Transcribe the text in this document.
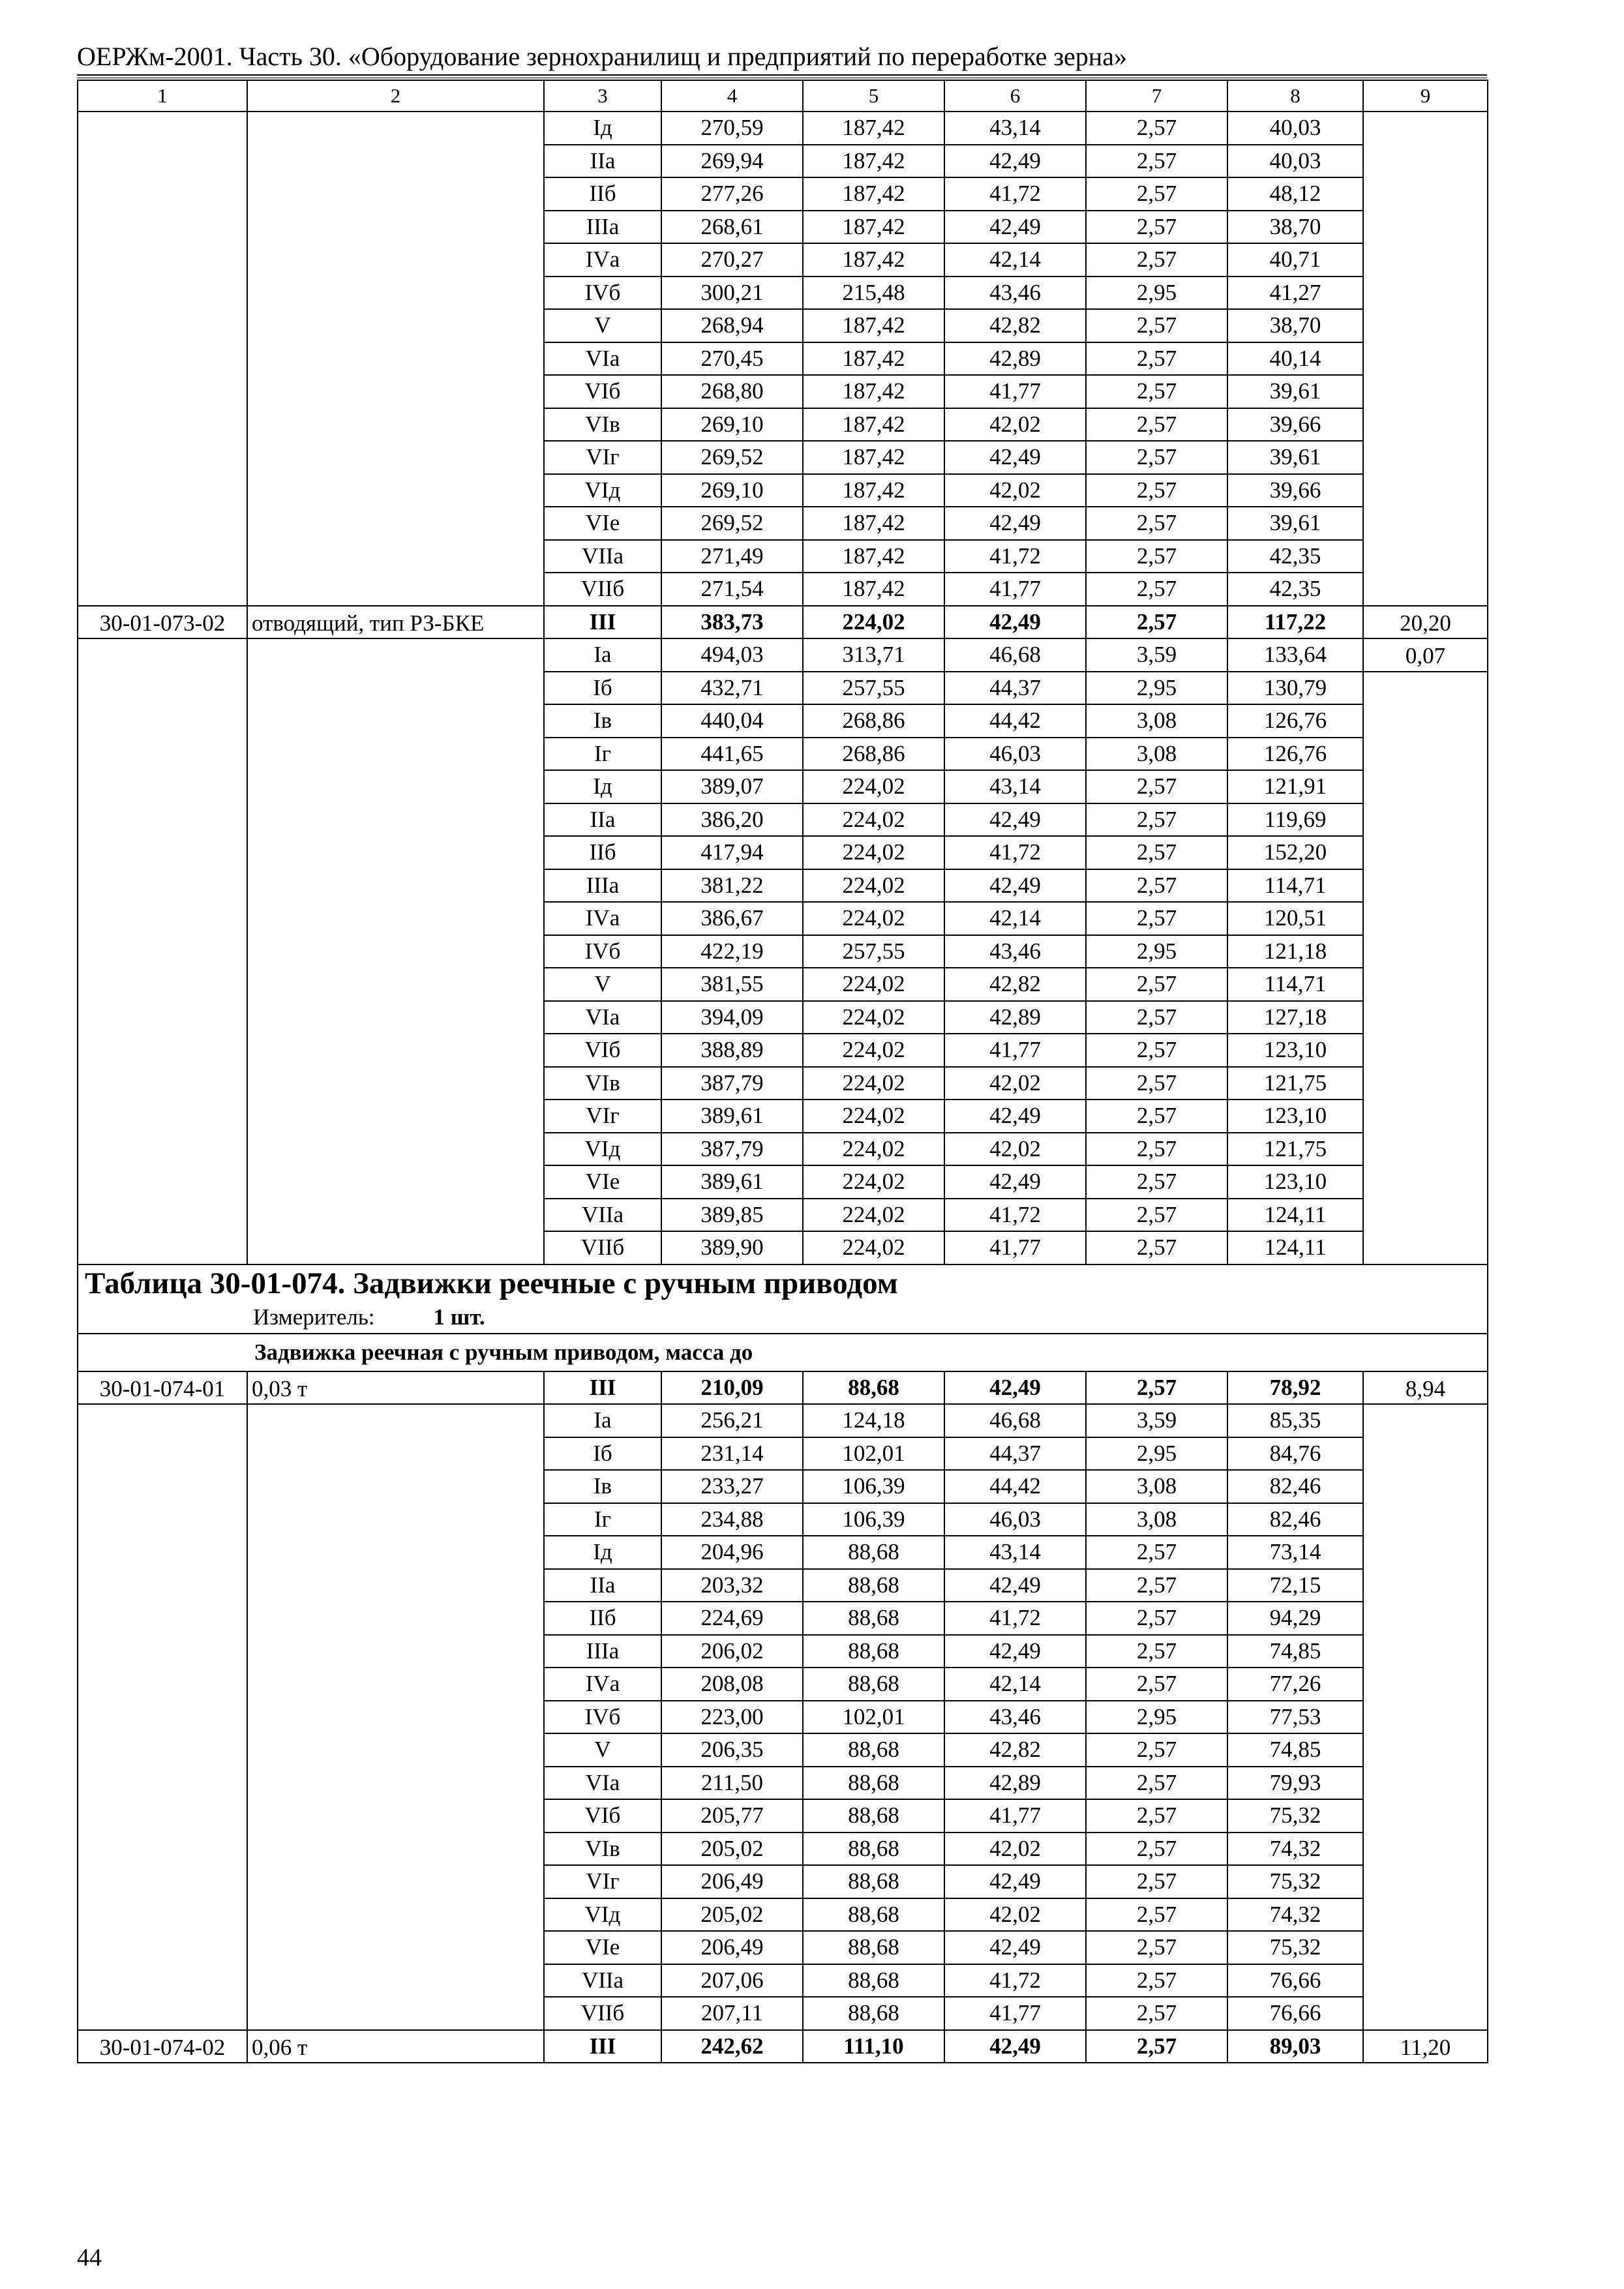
ОЕРЖм-2001. Часть 30. «Оборудование зернохранилищ и предприятий по переработке зерна»
1	2	3	4	5	6	7	8	9
		Iд	270,59	187,42	43,14	2,57	40,03	
		IIа	269,94	187,42	42,49	2,57	40,03	
		IIб	277,26	187,42	41,72	2,57	48,12	
		IIIа	268,61	187,42	42,49	2,57	38,70	
		IVа	270,27	187,42	42,14	2,57	40,71	
		IVб	300,21	215,48	43,46	2,95	41,27	
		V	268,94	187,42	42,82	2,57	38,70	
		VIа	270,45	187,42	42,89	2,57	40,14	
		VIб	268,80	187,42	41,77	2,57	39,61	
		VIв	269,10	187,42	42,02	2,57	39,66	
		VIг	269,52	187,42	42,49	2,57	39,61	
		VIд	269,10	187,42	42,02	2,57	39,66	
		VIе	269,52	187,42	42,49	2,57	39,61	
		VIIа	271,49	187,42	41,72	2,57	42,35	
		VIIб	271,54	187,42	41,77	2,57	42,35	
30-01-073-02	отводящий, тип РЗ-БКЕ	III	383,73	224,02	42,49	2,57	117,22	20,20
		Iа	494,03	313,71	46,68	3,59	133,64	0,07
		Iб	432,71	257,55	44,37	2,95	130,79	
		Iв	440,04	268,86	44,42	3,08	126,76	
		Iг	441,65	268,86	46,03	3,08	126,76	
		Iд	389,07	224,02	43,14	2,57	121,91	
		IIа	386,20	224,02	42,49	2,57	119,69	
		IIб	417,94	224,02	41,72	2,57	152,20	
		IIIа	381,22	224,02	42,49	2,57	114,71	
		IVа	386,67	224,02	42,14	2,57	120,51	
		IVб	422,19	257,55	43,46	2,95	121,18	
		V	381,55	224,02	42,82	2,57	114,71	
		VIа	394,09	224,02	42,89	2,57	127,18	
		VIб	388,89	224,02	41,77	2,57	123,10	
		VIв	387,79	224,02	42,02	2,57	121,75	
		VIг	389,61	224,02	42,49	2,57	123,10	
		VIд	387,79	224,02	42,02	2,57	121,75	
		VIе	389,61	224,02	42,49	2,57	123,10	
		VIIа	389,85	224,02	41,72	2,57	124,11	
		VIIб	389,90	224,02	41,77	2,57	124,11	
Таблица 30-01-074. Задвижки реечные с ручным приводом								
Измеритель: 1 шт.								
Задвижка реечная с ручным приводом, масса до								
30-01-074-01	0,03 т	III	210,09	88,68	42,49	2,57	78,92	8,94
		Iа	256,21	124,18	46,68	3,59	85,35	
		Iб	231,14	102,01	44,37	2,95	84,76	
		Iв	233,27	106,39	44,42	3,08	82,46	
		Iг	234,88	106,39	46,03	3,08	82,46	
		Iд	204,96	88,68	43,14	2,57	73,14	
		IIа	203,32	88,68	42,49	2,57	72,15	
		IIб	224,69	88,68	41,72	2,57	94,29	
		IIIа	206,02	88,68	42,49	2,57	74,85	
		IVа	208,08	88,68	42,14	2,57	77,26	
		IVб	223,00	102,01	43,46	2,95	77,53	
		V	206,35	88,68	42,82	2,57	74,85	
		VIа	211,50	88,68	42,89	2,57	79,93	
		VIб	205,77	88,68	41,77	2,57	75,32	
		VIв	205,02	88,68	42,02	2,57	74,32	
		VIг	206,49	88,68	42,49	2,57	75,32	
		VIд	205,02	88,68	42,02	2,57	74,32	
		VIе	206,49	88,68	42,49	2,57	75,32	
		VIIа	207,06	88,68	41,72	2,57	76,66	
		VIIб	207,11	88,68	41,77	2,57	76,66	
30-01-074-02	0,06 т	III	242,62	111,10	42,49	2,57	89,03	11,20
44
